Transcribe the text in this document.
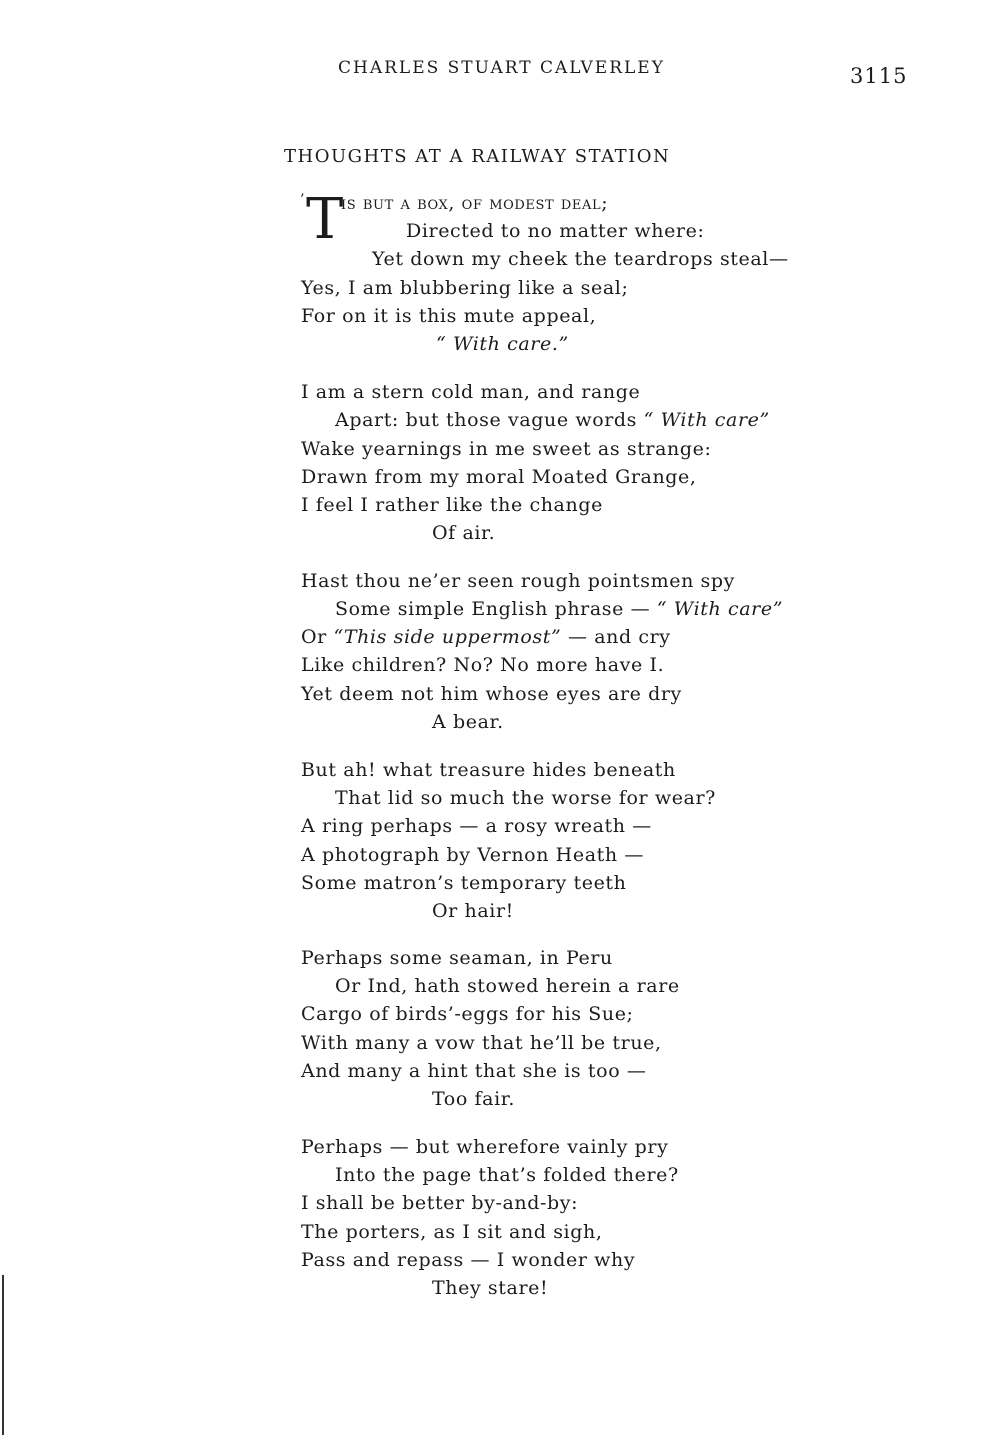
CHARLES STUART CALVERLEY	3115
THOUGHTS AT A RAILWAY STATION
’ T
is but a box, of modest deal;
Directed to no matter where:
Yet down my cheek the teardrops steal—
Yes, I am blubbering like a seal;
For on it is this mute appeal,
“ With care.”
I am a stern cold man, and range
Apart: but those vague words “ With care”
Wake yearnings in me sweet as strange:
Drawn from my moral Moated Grange,
I feel I rather like the change
Of air.
Hast thou ne’er seen rough pointsmen spy
Some simple English phrase — “ With care”
Or “This side uppermost” — and cry
Like children? No? No more have I.
Yet deem not him whose eyes are dry
A bear.
But ah! what treasure hides beneath
That lid so much the worse for wear?
A ring perhaps — a rosy wreath —
A photograph by Vernon Heath —
Some matron’s temporary teeth
Or hair!
Perhaps some seaman, in Peru
Or Ind, hath stowed herein a rare
Cargo of birds’-eggs for his Sue;
With many a vow that he’ll be true,
And many a hint that she is too —
Too fair.
Perhaps — but wherefore vainly pry
Into the page that’s folded there?
I shall be better by-and-by:
The porters, as I sit and sigh,
Pass and repass — I wonder why
They stare!
